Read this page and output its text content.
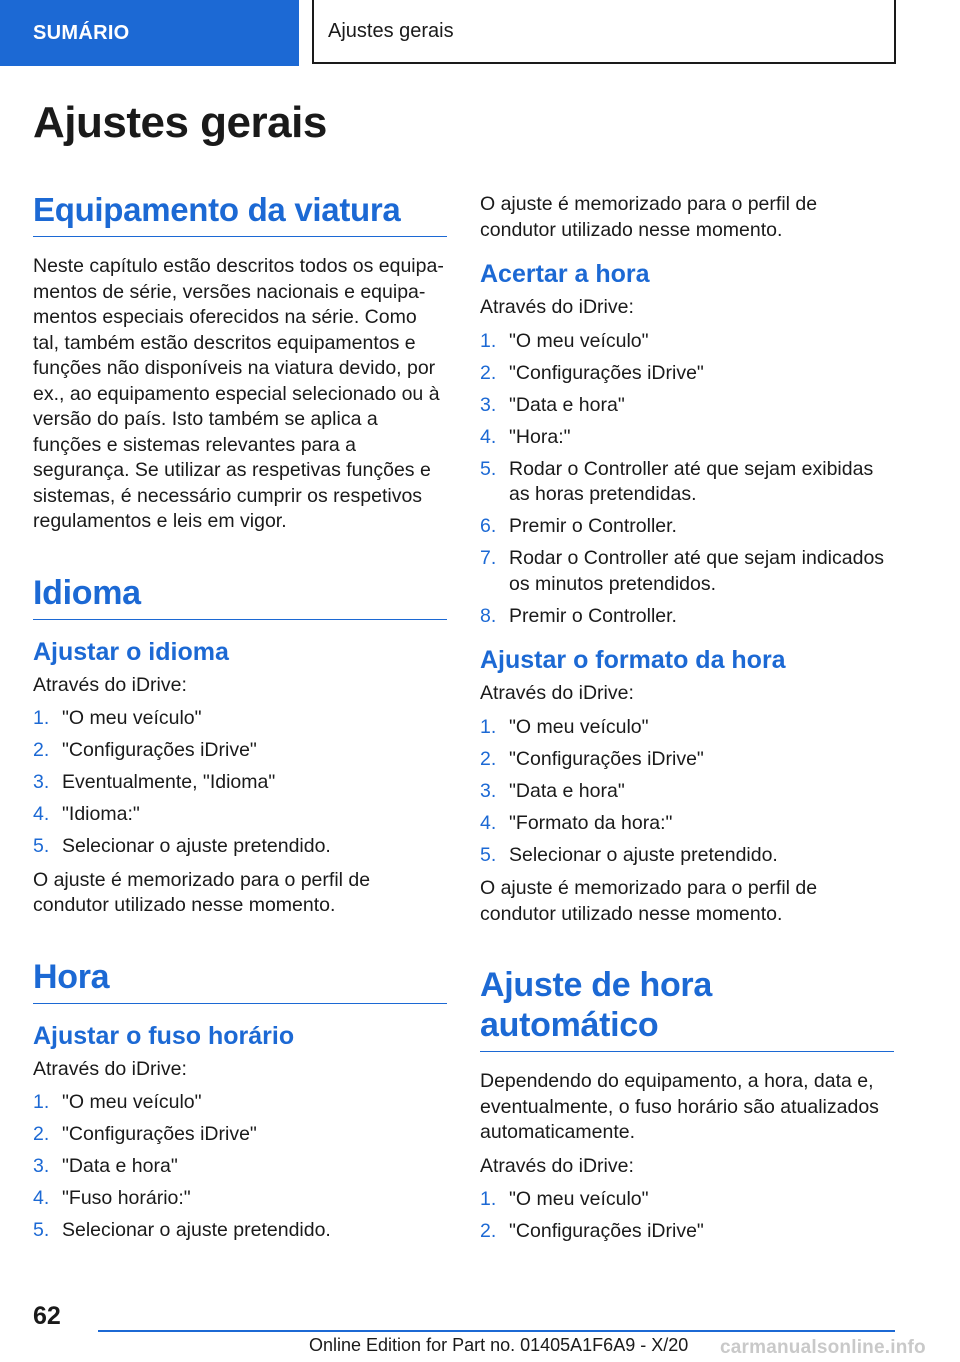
SUMÁRIO	Ajustes gerais
Ajustes gerais
Equipamento da viatura

Neste capítulo estão descritos todos os equipamentos de série, versões nacionais e equipamentos especiais oferecidos na série. Como tal, também estão descritos equipamentos e funções não disponíveis na viatura devido, por ex., ao equipamento especial selecionado ou à versão do país. Isto também se aplica a funções e sistemas relevantes para a segurança. Se utilizar as respetivas funções e sistemas, é necessário cumprir os respetivos regulamentos e leis em vigor.

Idioma
Ajustar o idioma

Através do iDrive:

1. "O meu veículo"
2. "Configurações iDrive"
3. Eventualmente, "Idioma"
4. "Idioma:"
5. Selecionar o ajuste pretendido.

O ajuste é memorizado para o perfil de condutor utilizado nesse momento.

Hora
Ajustar o fuso horário

Através do iDrive:

1. "O meu veículo"
2. "Configurações iDrive"
3. "Data e hora"
4. "Fuso horário:"
5. Selecionar o ajuste pretendido.

O ajuste é memorizado para o perfil de condutor utilizado nesse momento.

Acertar a hora

Através do iDrive:

1. "O meu veículo"
2. "Configurações iDrive"
3. "Data e hora"
4. "Hora:"
5. Rodar o Controller até que sejam exibidas as horas pretendidas.
6. Premir o Controller.
7. Rodar o Controller até que sejam indicados os minutos pretendidos.
8. Premir o Controller.
Ajustar o formato da hora

Através do iDrive:

1. "O meu veículo"
2. "Configurações iDrive"
3. "Data e hora"
4. "Formato da hora:"
5. Selecionar o ajuste pretendido.

O ajuste é memorizado para o perfil de condutor utilizado nesse momento.

Ajuste de hora automático

Dependendo do equipamento, a hora, data e, eventualmente, o fuso horário são atualizados automaticamente.

Através do iDrive:

1. "O meu veículo"
2. "Configurações iDrive"
62
Online Edition for Part no. 01405A1F6A9 - X/20 carmanualsonline.info
